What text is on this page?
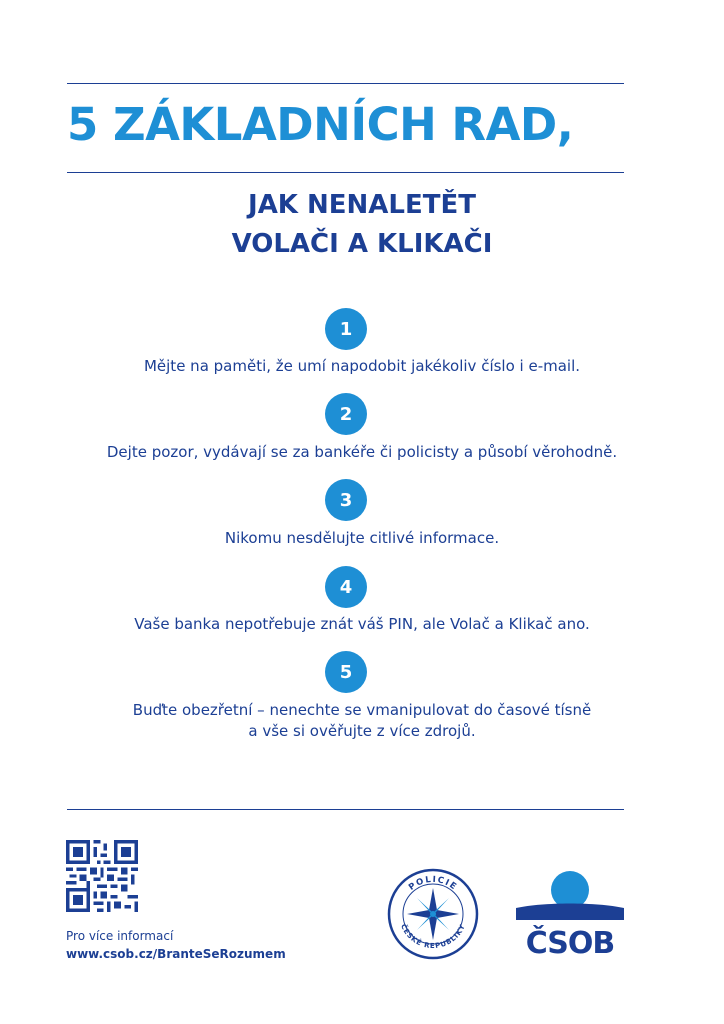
5 ZÁKLADNÍCH RAD,
JAK NENALETĚT
VOLAČI A KLIKAČI
1
Mějte na paměti, že umí napodobit jakékoliv číslo i e-mail.
2
Dejte pozor, vydávají se za bankéře či policisty a působí věrohodně.
3
Nikomu nesdělujte citlivé informace.
4
Vaše banka nepotřebuje znát váš PIN, ale Volač a Klikač ano.
5
Buďte obezřetní – nenechte se vmanipulovat do časové tísně
a vše si ověřujte z více zdrojů.
Pro více informací
www.csob.cz/BranteSeRozumem
POLICIE
ČESKÉ REPUBLIKY	ČSOB
